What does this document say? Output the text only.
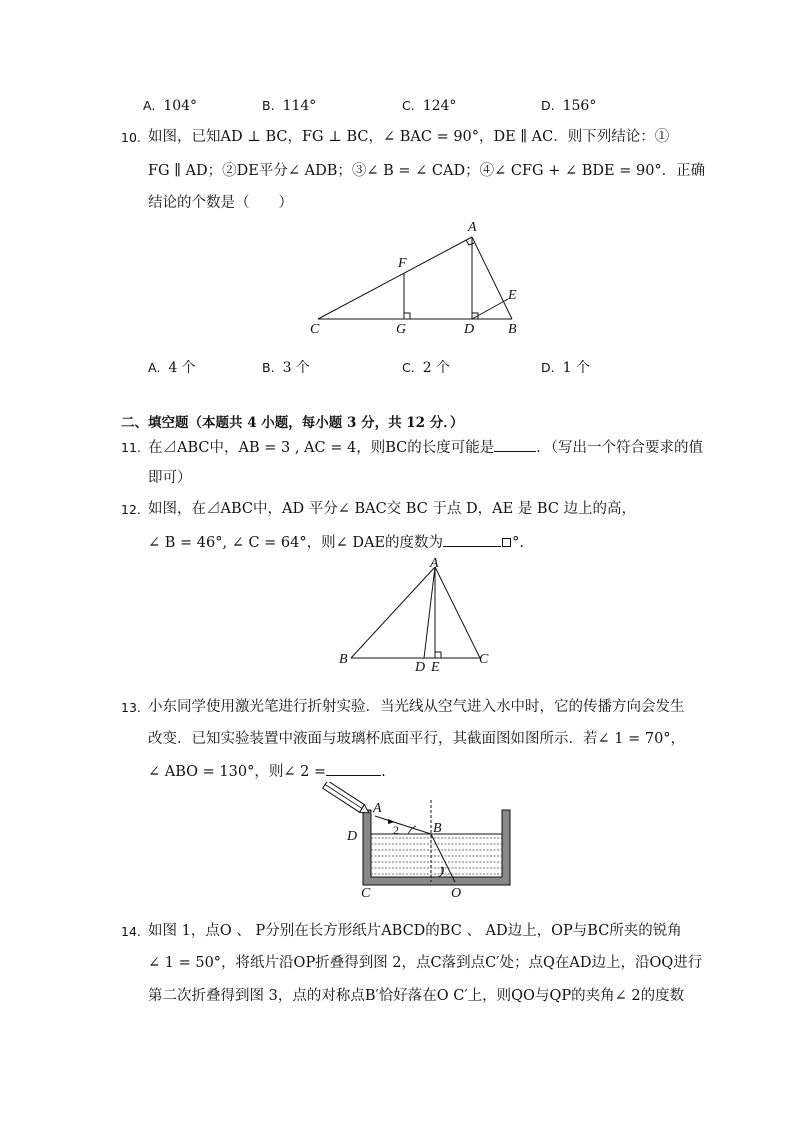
A. 104°	B. 114°	C. 124°	D. 156°
10. 如图，已知AD ⊥ BC，FG ⊥ BC，∠ BAC = 90°，DE ∥ AC．则下列结论：①
FG ∥ AD；②DE平分∠ ADB；③∠ B = ∠ CAD；④∠ CFG + ∠ BDE = 90°．正确
结论的个数是（　　）
A
F
E
C	G	D B
A. 4 个	B. 3 个	C. 2 个	D. 1 个
二、填空题（本题共 4 小题，每小题 3 分，共 12 分．）
11. 在⊿ABC中，AB = 3 , AC = 4，则BC的长度可能是	．（写出一个符合要求的值
即可）
12. 如图，在⊿ABC中，AD 平分∠ BAC交 BC 于点 D，AE 是 BC 边上的高，
∠ B = 46°, ∠ C = 64°，则∠ DAE的度数为	°.
A
B
D E
C
13. 小东同学使用激光笔进行折射实验．当光线从空气进入水中时，它的传播方向会发生
改变．已知实验装置中液面与玻璃杯底面平行，其截面图如图所示．若∠ 1 = 70°，
∠ ABO = 130°，则∠ 2 =	.
A
D	2 B
1
C	O
14. 如图 1，点O 、 P分别在长方形纸片ABCD的BC 、 AD边上，OP与BC所夹的锐角
∠ 1 = 50°，将纸片沿OP折叠得到图 2，点C落到点C′处；点Q在AD边上，沿OQ进行
第二次折叠得到图 3，点的对称点B′恰好落在O C′上，则QO与QP的夹角∠ 2的度数
